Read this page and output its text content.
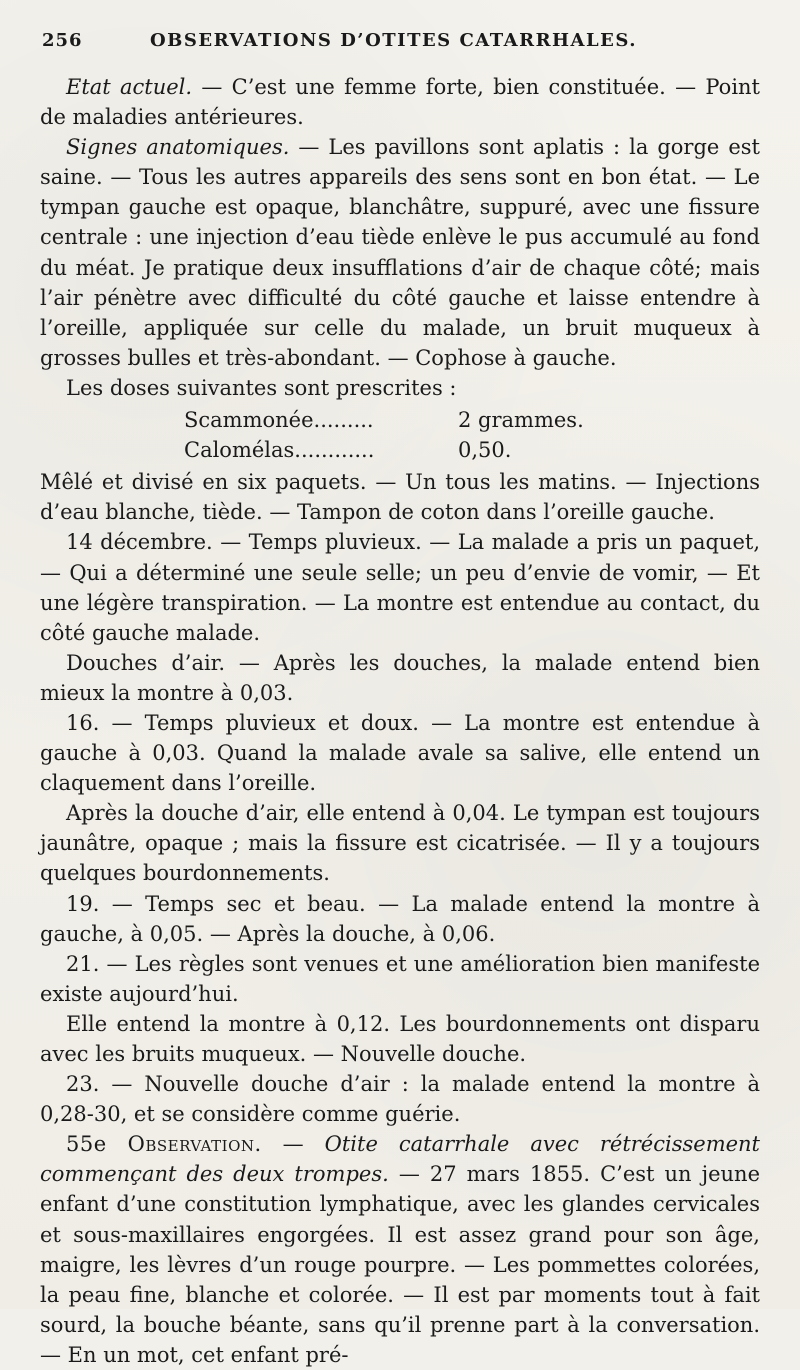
256	OBSERVATIONS D’OTITES CATARRHALES.

Etat actuel. — C’est une femme forte, bien constituée. — Point de maladies antérieures.

Signes anatomiques. — Les pavillons sont aplatis : la gorge est saine. — Tous les autres appareils des sens sont en bon état. — Le tympan gauche est opaque, blanchâtre, suppuré, avec une fissure centrale : une injection d’eau tiède enlève le pus accumulé au fond du méat. Je pratique deux insufflations d’air de chaque côté; mais l’air pénètre avec difficulté du côté gauche et laisse entendre à l’oreille, appliquée sur celle du malade, un bruit muqueux à grosses bulles et très-abondant. — Cophose à gauche.

Les doses suivantes sont prescrites :

Scammonée.........	2 grammes.
Calomélas............	0,50.

Mêlé et divisé en six paquets. — Un tous les matins. — Injections d’eau blanche, tiède. — Tampon de coton dans l’oreille gauche.

14 décembre. — Temps pluvieux. — La malade a pris un paquet,— Qui a déterminé une seule selle; un peu d’envie de vomir, — Et une légère transpiration. — La montre est entendue au contact, du côté gauche malade.

Douches d’air. — Après les douches, la malade entend bien mieux la montre à 0,03.

16. — Temps pluvieux et doux. — La montre est entendue à gauche à 0,03. Quand la malade avale sa salive, elle entend un claquement dans l’oreille.

Après la douche d’air, elle entend à 0,04. Le tympan est toujours jaunâtre, opaque ; mais la fissure est cicatrisée. — Il y a toujours quelques bourdonnements.

19. — Temps sec et beau. — La malade entend la montre à gauche, à 0,05. — Après la douche, à 0,06.

21. — Les règles sont venues et une amélioration bien manifeste existe aujourd’hui.

Elle entend la montre à 0,12. Les bourdonnements ont disparu avec les bruits muqueux. — Nouvelle douche.

23. — Nouvelle douche d’air : la malade entend la montre à 0,28-30, et se considère comme guérie.

55e Observation. — Otite catarrhale avec rétrécissement commençant des deux trompes. — 27 mars 1855. C’est un jeune enfant d’une constitution lymphatique, avec les glandes cervicales et sous-maxillaires engorgées. Il est assez grand pour son âge, maigre, les lèvres d’un rouge pourpre. — Les pommettes colorées, la peau fine, blanche et colorée. — Il est par moments tout à fait sourd, la bouche béante, sans qu’il prenne part à la conversation. — En un mot, cet enfant pré-
